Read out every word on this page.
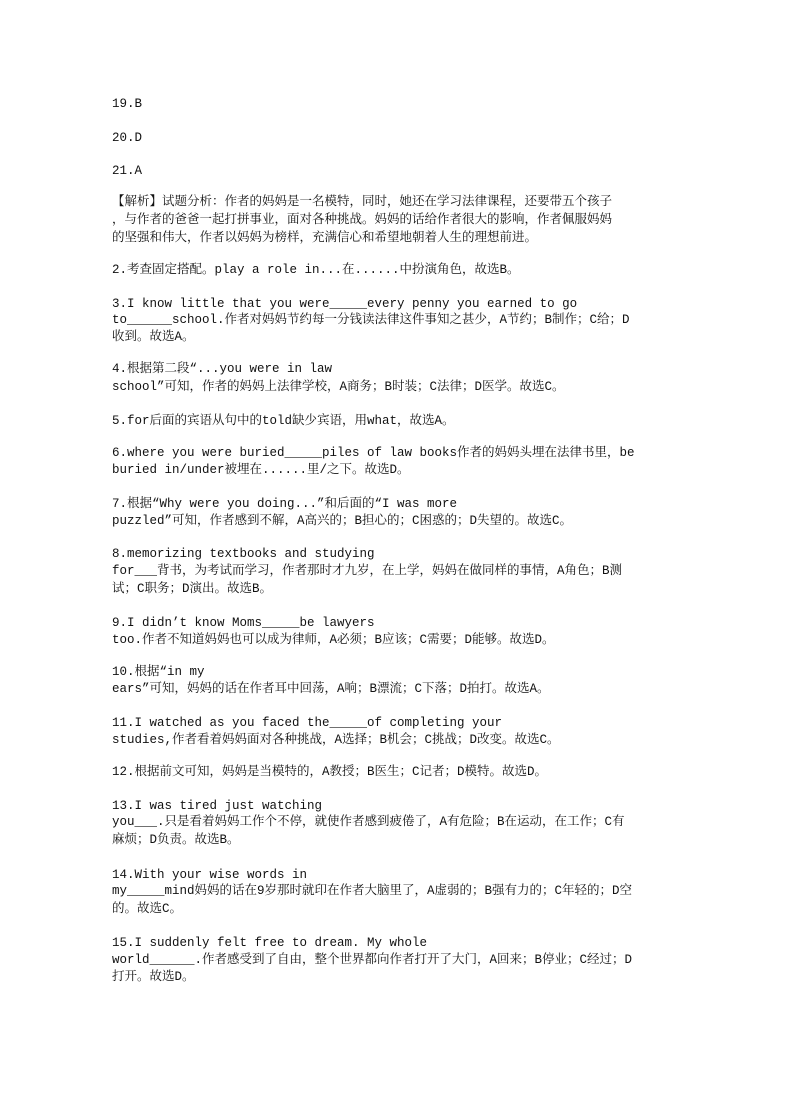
19.B
20.D
21.A
【解析】试题分析：作者的妈妈是一名模特，同时，她还在学习法律课程，还要带五个孩子
，与作者的爸爸一起打拼事业，面对各种挑战。妈妈的话给作者很大的影响，作者佩服妈妈
的坚强和伟大，作者以妈妈为榜样，充满信心和希望地朝着人生的理想前进。
2.考查固定搭配。play a role in...在......中扮演角色，故选B。
3.I know little that you were_____every penny you earned to go
to______school.作者对妈妈节约每一分钱读法律这件事知之甚少，A节约；B制作；C给；D
收到。故选A。
4.根据第二段“...you were in law
school”可知，作者的妈妈上法律学校，A商务；B时装；C法律；D医学。故选C。
5.for后面的宾语从句中的told缺少宾语，用what，故选A。
6.where you were buried_____piles of law books作者的妈妈头埋在法律书里，be
buried in/under被埋在......里/之下。故选D。
7.根据“Why were you doing...”和后面的“I was more
puzzled”可知，作者感到不解，A高兴的；B担心的；C困惑的；D失望的。故选C。
8.memorizing textbooks and studying
for___背书，为考试而学习，作者那时才九岁，在上学，妈妈在做同样的事情，A角色；B测
试；C职务；D演出。故选B。
9.I didn’t know Moms_____be lawyers
too.作者不知道妈妈也可以成为律师，A必须；B应该；C需要；D能够。故选D。
10.根据“in my
ears”可知，妈妈的话在作者耳中回荡，A响；B漂流；C下落；D拍打。故选A。
11.I watched as you faced the_____of completing your
studies,作者看着妈妈面对各种挑战，A选择；B机会；C挑战；D改变。故选C。
12.根据前文可知，妈妈是当模特的，A教授；B医生；C记者；D模特。故选D。
13.I was tired just watching
you___.只是看着妈妈工作个不停，就使作者感到疲倦了，A有危险；B在运动，在工作；C有
麻烦；D负责。故选B。
14.With your wise words in
my_____mind妈妈的话在9岁那时就印在作者大脑里了，A虚弱的；B强有力的；C年轻的；D空
的。故选C。
15.I suddenly felt free to dream. My whole
world______.作者感受到了自由，整个世界都向作者打开了大门，A回来；B停业；C经过；D
打开。故选D。
